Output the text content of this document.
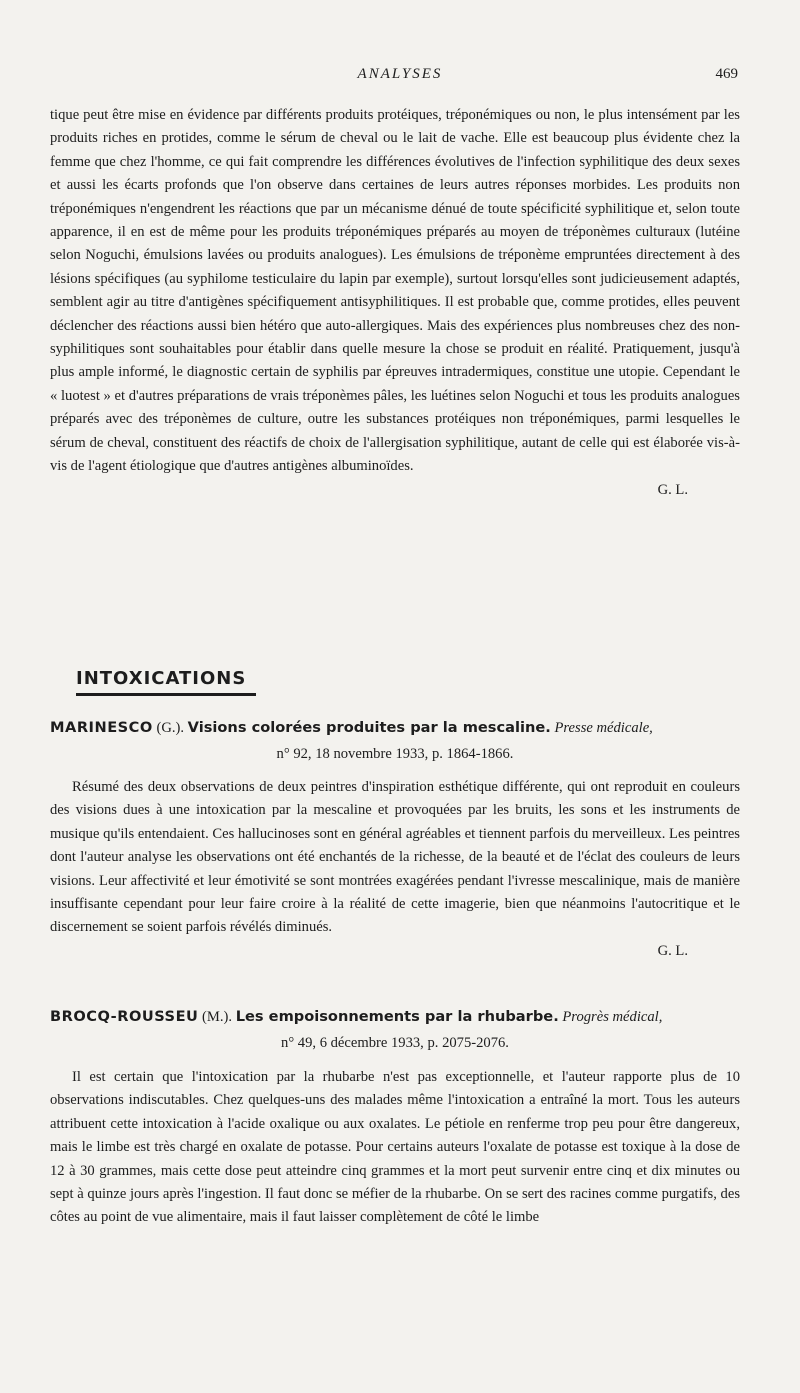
ANALYSES	469

tique peut être mise en évidence par différents produits protéiques, tréponémiques ou non, le plus intensément par les produits riches en protides, comme le sérum de cheval ou le lait de vache. Elle est beaucoup plus évidente chez la femme que chez l'homme, ce qui fait comprendre les différences évolutives de l'infection syphilitique des deux sexes et aussi les écarts profonds que l'on observe dans certaines de leurs autres réponses morbides. Les produits non tréponémiques n'engendrent les réactions que par un mécanisme dénué de toute spécificité syphilitique et, selon toute apparence, il en est de même pour les produits tréponémiques préparés au moyen de tréponèmes culturaux (lutéine selon Noguchi, émulsions lavées ou produits analogues). Les émulsions de tréponème empruntées directement à des lésions spécifiques (au syphilome testiculaire du lapin par exemple), surtout lorsqu'elles sont judicieusement adaptés, semblent agir au titre d'antigènes spécifiquement antisyphilitiques. Il est probable que, comme protides, elles peuvent déclencher des réactions aussi bien hétéro que auto-allergiques. Mais des expériences plus nombreuses chez des non-syphilitiques sont souhaitables pour établir dans quelle mesure la chose se produit en réalité. Pratiquement, jusqu'à plus ample informé, le diagnostic certain de syphilis par épreuves intradermiques, constitue une utopie. Cependant le « luotest » et d'autres préparations de vrais tréponèmes pâles, les luétines selon Noguchi et tous les produits analogues préparés avec des tréponèmes de culture, outre les substances protéiques non tréponémiques, parmi lesquelles le sérum de cheval, constituent des réactifs de choix de l'allergisation syphilitique, autant de celle qui est élaborée vis-à-vis de l'agent étiologique que d'autres antigènes albuminoïdes.

G. L.

INTOXICATIONS
MARINESCO (G.). Visions colorées produites par la mescaline. Presse médicale,
n° 92, 18 novembre 1933, p. 1864-1866.

Résumé des deux observations de deux peintres d'inspiration esthétique différente, qui ont reproduit en couleurs des visions dues à une intoxication par la mescaline et provoquées par les bruits, les sons et les instruments de musique qu'ils entendaient. Ces hallucinoses sont en général agréables et tiennent parfois du merveilleux. Les peintres dont l'auteur analyse les observations ont été enchantés de la richesse, de la beauté et de l'éclat des couleurs de leurs visions. Leur affectivité et leur émotivité se sont montrées exagérées pendant l'ivresse mescalinique, mais de manière insuffisante cependant pour leur faire croire à la réalité de cette imagerie, bien que néanmoins l'autocritique et le discernement se soient parfois révélés diminués.

G. L.

BROCQ-ROUSSEU (M.). Les empoisonnements par la rhubarbe. Progrès médical,
n° 49, 6 décembre 1933, p. 2075-2076.

Il est certain que l'intoxication par la rhubarbe n'est pas exceptionnelle, et l'auteur rapporte plus de 10 observations indiscutables. Chez quelques-uns des malades même l'intoxication a entraîné la mort. Tous les auteurs attribuent cette intoxication à l'acide oxalique ou aux oxalates. Le pétiole en renferme trop peu pour être dangereux, mais le limbe est très chargé en oxalate de potasse. Pour certains auteurs l'oxalate de potasse est toxique à la dose de 12 à 30 grammes, mais cette dose peut atteindre cinq grammes et la mort peut survenir entre cinq et dix minutes ou sept à quinze jours après l'ingestion. Il faut donc se méfier de la rhubarbe. On se sert des racines comme purgatifs, des côtes au point de vue alimentaire, mais il faut laisser complètement de côté le limbe
